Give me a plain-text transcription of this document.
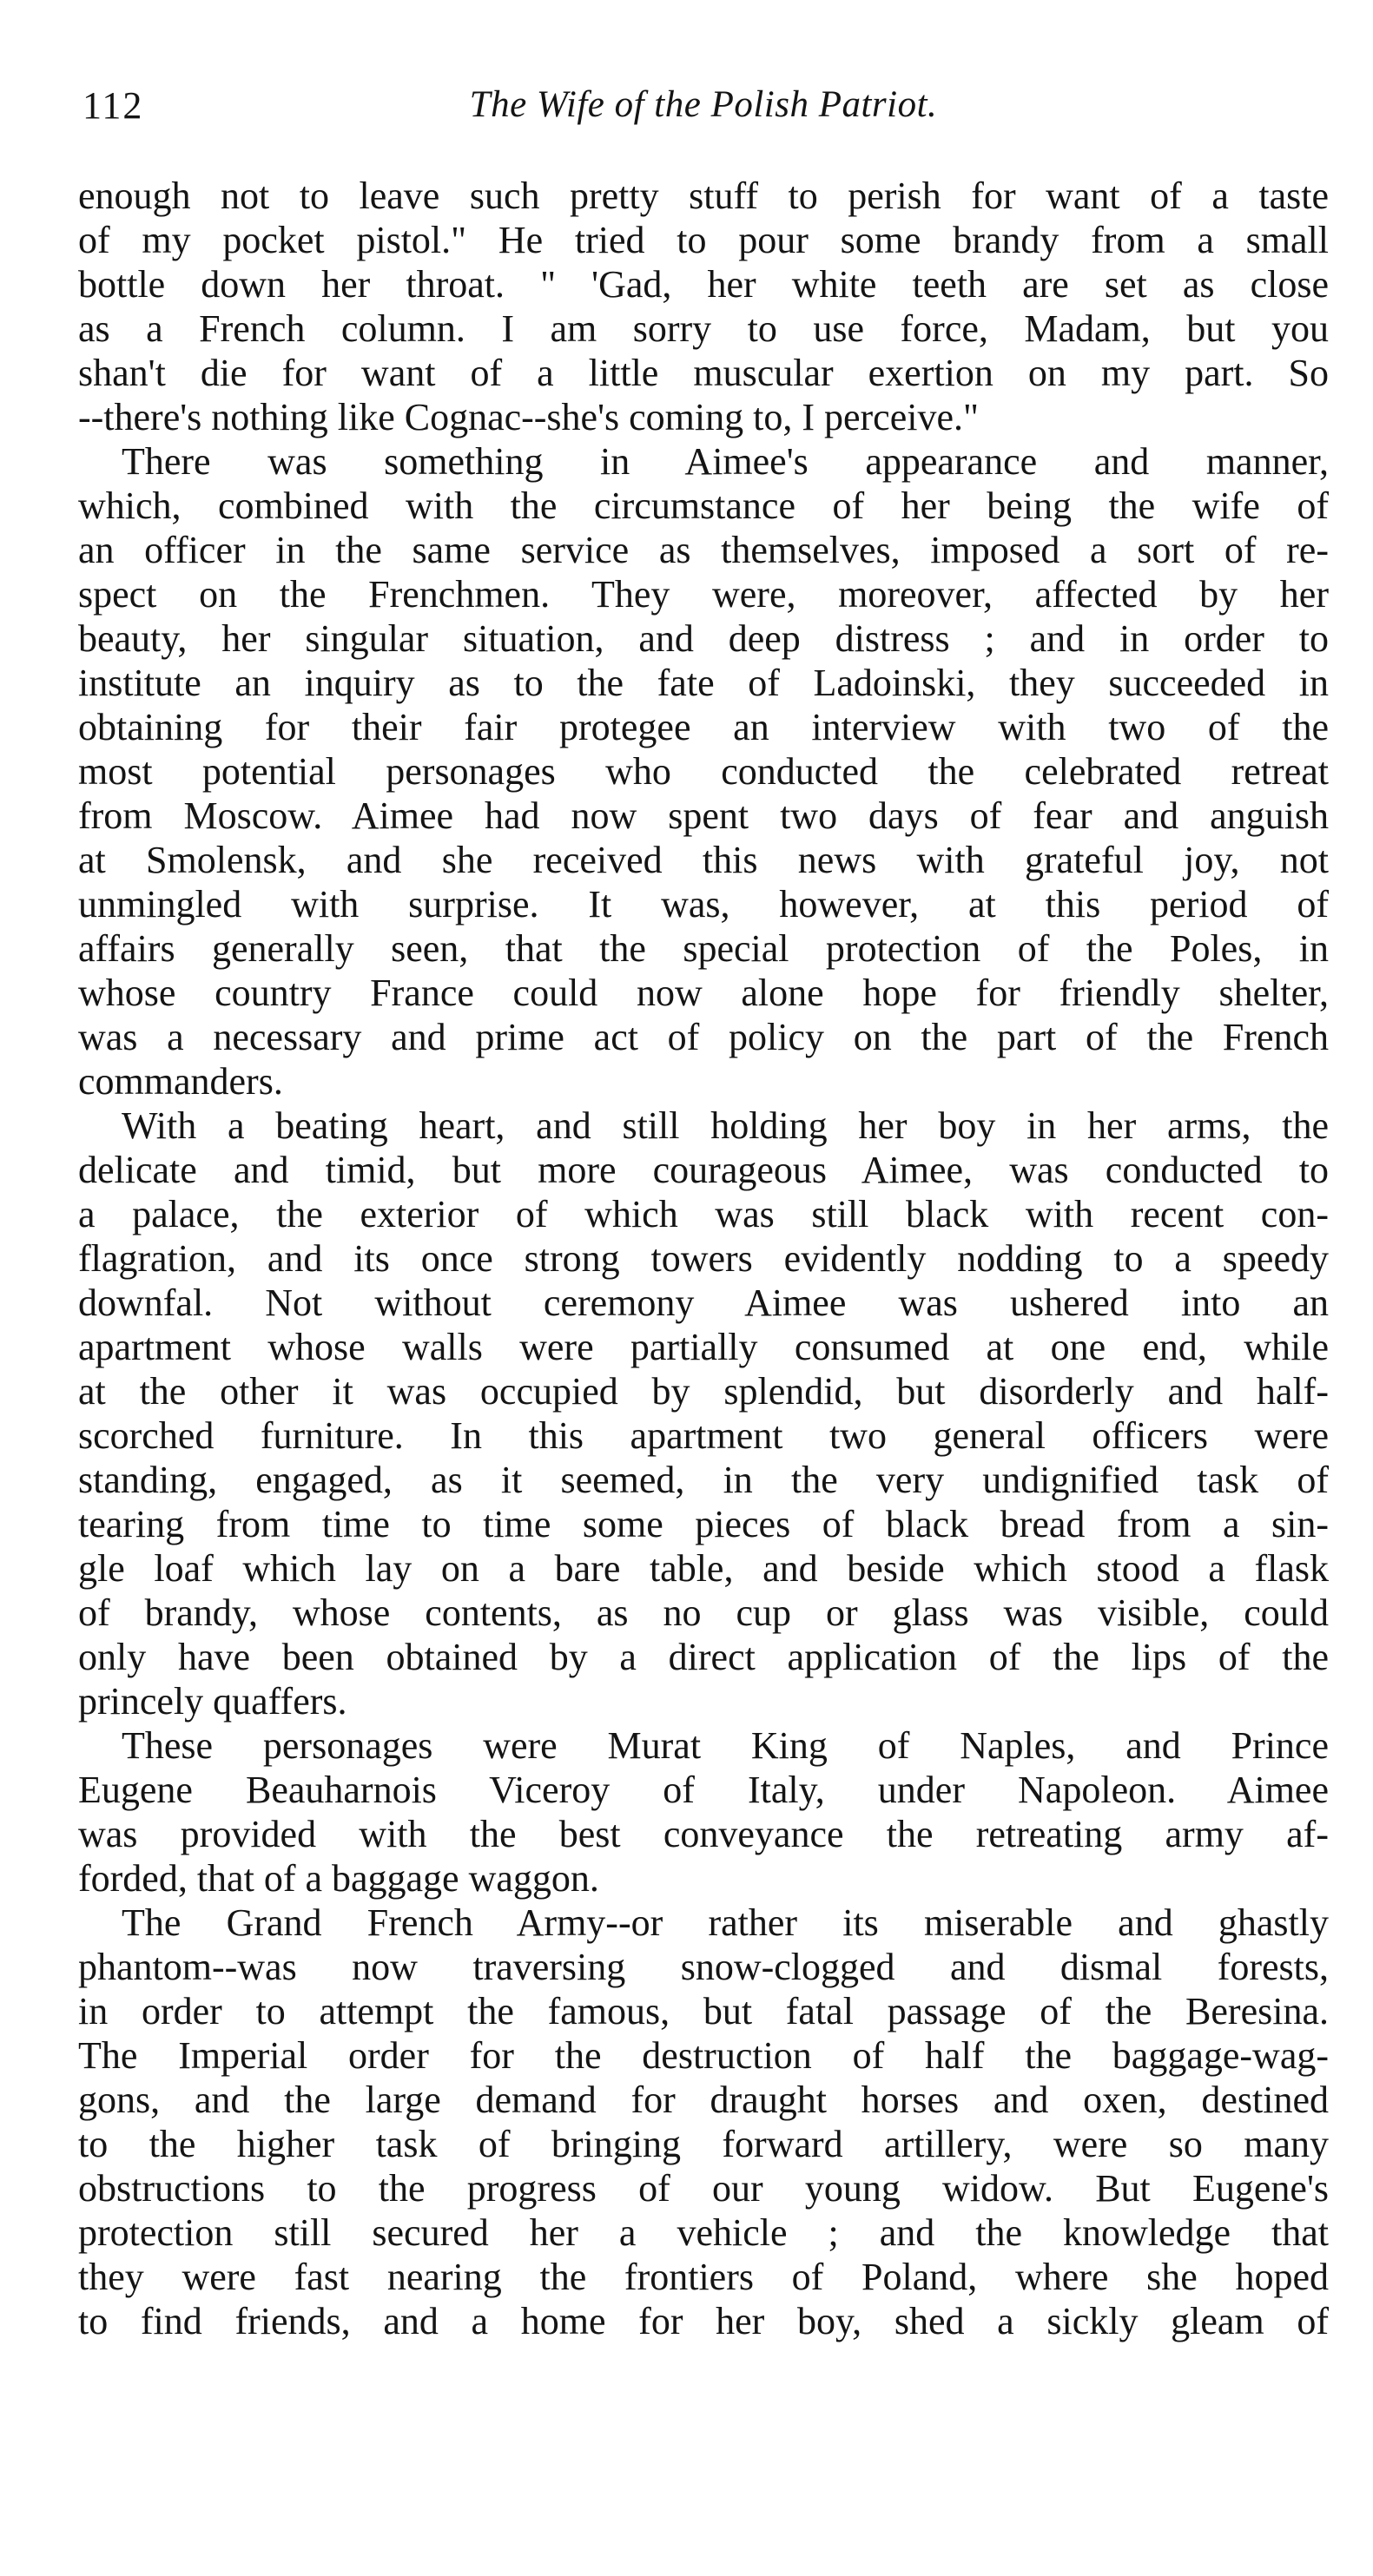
112	The Wife of the Polish Patriot.
enough not to leave such pretty stuff to perish for want of a taste
of my pocket pistol." He tried to pour some brandy from a small
bottle down her throat. " 'Gad, her white teeth are set as close
as a French column. I am sorry to use force, Madam, but you
shan't die for want of a little muscular exertion on my part. So
--there's nothing like Cognac--she's coming to, I perceive."
There was something in Aimee's appearance and manner,
which, combined with the circumstance of her being the wife of
an officer in the same service as themselves, imposed a sort of re-
spect on the Frenchmen. They were, moreover, affected by her
beauty, her singular situation, and deep distress ; and in order to
institute an inquiry as to the fate of Ladoinski, they succeeded in
obtaining for their fair protegee an interview with two of the
most potential personages who conducted the celebrated retreat
from Moscow. Aimee had now spent two days of fear and anguish
at Smolensk, and she received this news with grateful joy, not
unmingled with surprise. It was, however, at this period of
affairs generally seen, that the special protection of the Poles, in
whose country France could now alone hope for friendly shelter,
was a necessary and prime act of policy on the part of the French
commanders.
With a beating heart, and still holding her boy in her arms, the
delicate and timid, but more courageous Aimee, was conducted to
a palace, the exterior of which was still black with recent con-
flagration, and its once strong towers evidently nodding to a speedy
downfal. Not without ceremony Aimee was ushered into an
apartment whose walls were partially consumed at one end, while
at the other it was occupied by splendid, but disorderly and half-
scorched furniture. In this apartment two general officers were
standing, engaged, as it seemed, in the very undignified task of
tearing from time to time some pieces of black bread from a sin-
gle loaf which lay on a bare table, and beside which stood a flask
of brandy, whose contents, as no cup or glass was visible, could
only have been obtained by a direct application of the lips of the
princely quaffers.
These personages were Murat King of Naples, and Prince
Eugene Beauharnois Viceroy of Italy, under Napoleon. Aimee
was provided with the best conveyance the retreating army af-
forded, that of a baggage waggon.
The Grand French Army--or rather its miserable and ghastly
phantom--was now traversing snow-clogged and dismal forests,
in order to attempt the famous, but fatal passage of the Beresina.
The Imperial order for the destruction of half the baggage-wag-
gons, and the large demand for draught horses and oxen, destined
to the higher task of bringing forward artillery, were so many
obstructions to the progress of our young widow. But Eugene's
protection still secured her a vehicle ; and the knowledge that
they were fast nearing the frontiers of Poland, where she hoped
to find friends, and a home for her boy, shed a sickly gleam of
